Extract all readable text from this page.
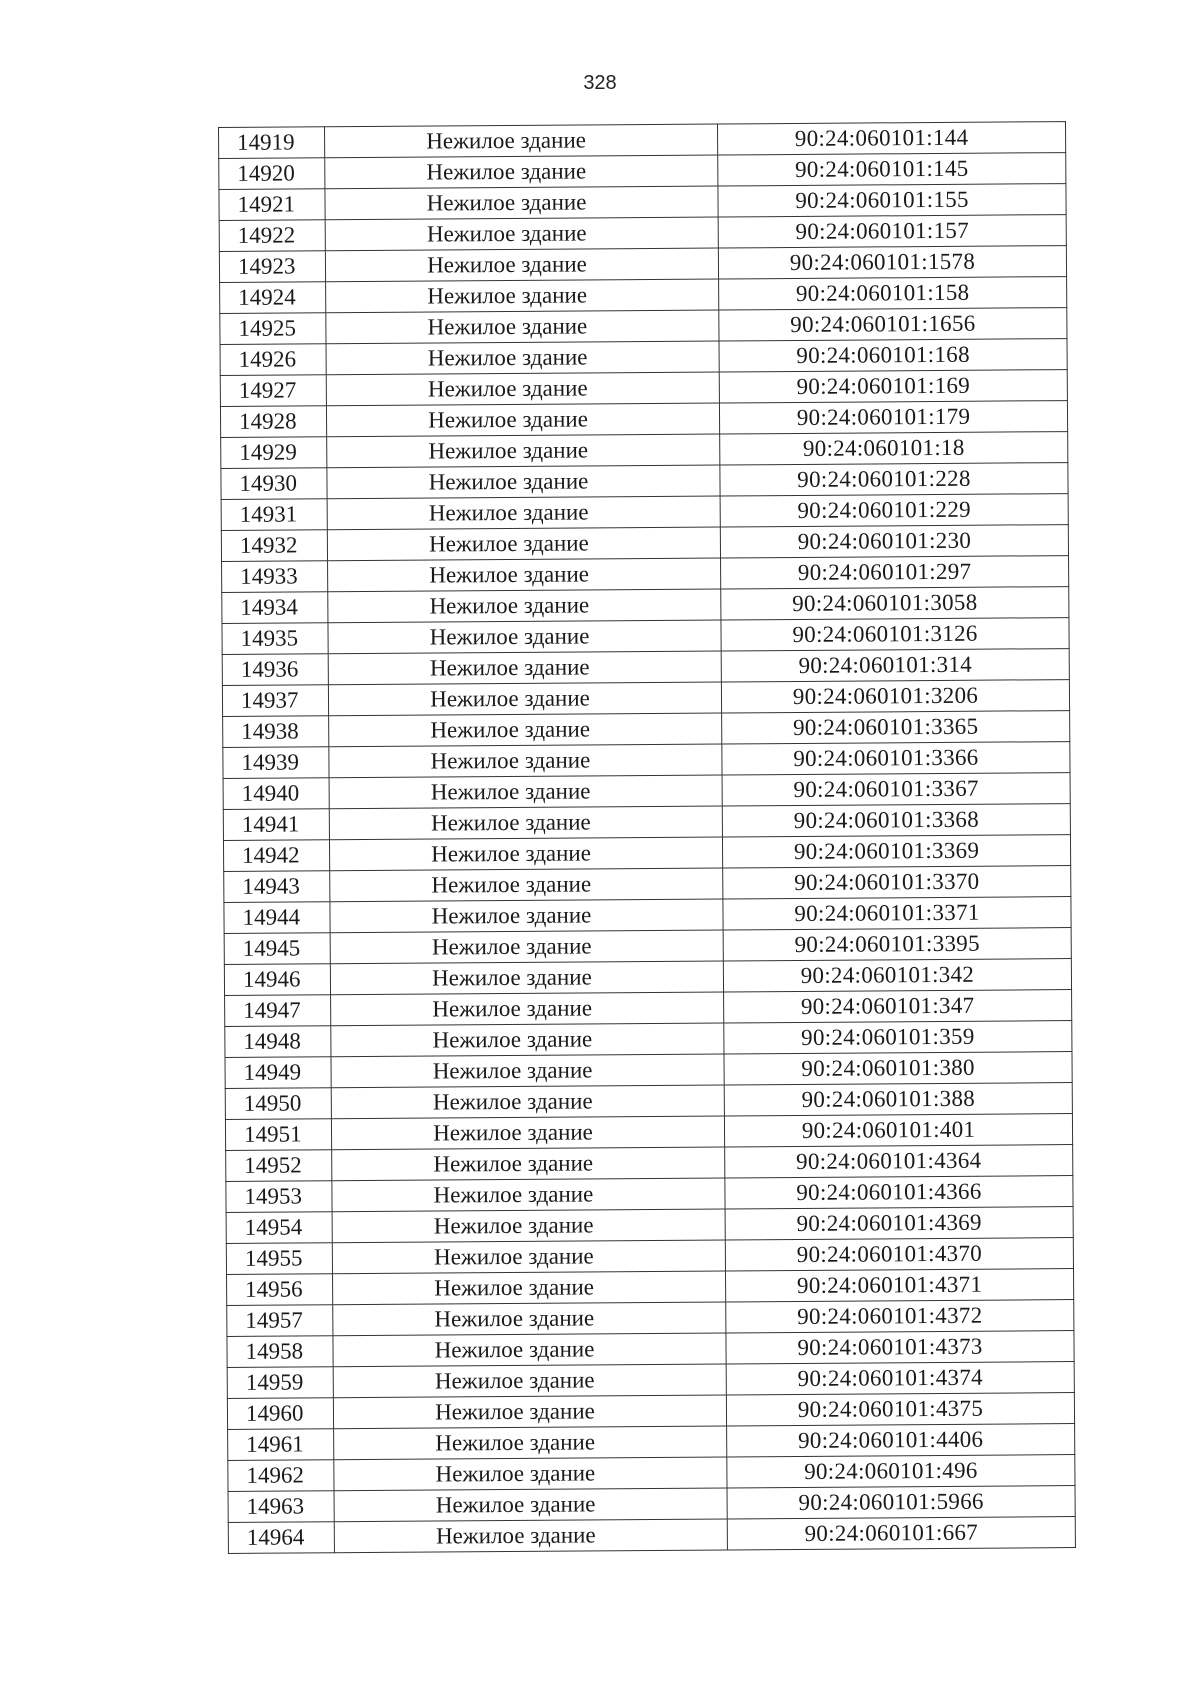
328
14919	Нежилое здание	90:24:060101:144
14920	Нежилое здание	90:24:060101:145
14921	Нежилое здание	90:24:060101:155
14922	Нежилое здание	90:24:060101:157
14923	Нежилое здание	90:24:060101:1578
14924	Нежилое здание	90:24:060101:158
14925	Нежилое здание	90:24:060101:1656
14926	Нежилое здание	90:24:060101:168
14927	Нежилое здание	90:24:060101:169
14928	Нежилое здание	90:24:060101:179
14929	Нежилое здание	90:24:060101:18
14930	Нежилое здание	90:24:060101:228
14931	Нежилое здание	90:24:060101:229
14932	Нежилое здание	90:24:060101:230
14933	Нежилое здание	90:24:060101:297
14934	Нежилое здание	90:24:060101:3058
14935	Нежилое здание	90:24:060101:3126
14936	Нежилое здание	90:24:060101:314
14937	Нежилое здание	90:24:060101:3206
14938	Нежилое здание	90:24:060101:3365
14939	Нежилое здание	90:24:060101:3366
14940	Нежилое здание	90:24:060101:3367
14941	Нежилое здание	90:24:060101:3368
14942	Нежилое здание	90:24:060101:3369
14943	Нежилое здание	90:24:060101:3370
14944	Нежилое здание	90:24:060101:3371
14945	Нежилое здание	90:24:060101:3395
14946	Нежилое здание	90:24:060101:342
14947	Нежилое здание	90:24:060101:347
14948	Нежилое здание	90:24:060101:359
14949	Нежилое здание	90:24:060101:380
14950	Нежилое здание	90:24:060101:388
14951	Нежилое здание	90:24:060101:401
14952	Нежилое здание	90:24:060101:4364
14953	Нежилое здание	90:24:060101:4366
14954	Нежилое здание	90:24:060101:4369
14955	Нежилое здание	90:24:060101:4370
14956	Нежилое здание	90:24:060101:4371
14957	Нежилое здание	90:24:060101:4372
14958	Нежилое здание	90:24:060101:4373
14959	Нежилое здание	90:24:060101:4374
14960	Нежилое здание	90:24:060101:4375
14961	Нежилое здание	90:24:060101:4406
14962	Нежилое здание	90:24:060101:496
14963	Нежилое здание	90:24:060101:5966
14964	Нежилое здание	90:24:060101:667
